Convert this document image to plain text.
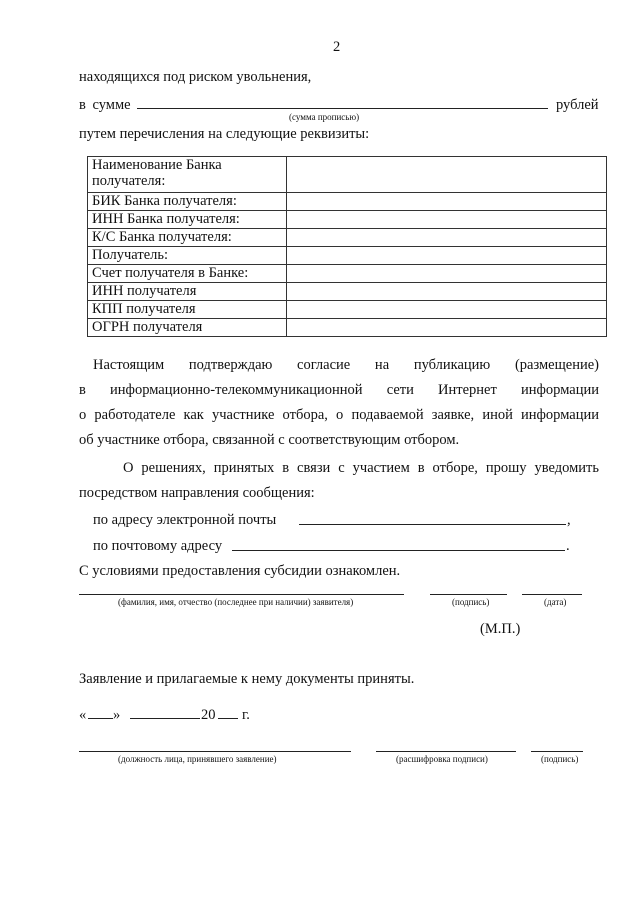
2
находящихся под риском увольнения,
в сумме	рублей
(сумма прописью)
путем перечисления на следующие реквизиты:
Наименование Банка получателя:	
БИК Банка получателя:	
ИНН Банка получателя:	
К/С Банка получателя:	
Получатель:	
Счет получателя в Банке:	
ИНН получателя	
КПП получателя	
ОГРН получателя	
Настоящим подтверждаю согласие на публикацию (размещение)
в информационно-телекоммуникационной сети Интернет информации
о работодателе как участнике отбора, о подаваемой заявке, иной информации
об участнике отбора, связанной с соответствующим отбором.
О решениях, принятых в связи с участием в отборе, прошу уведомить
посредством направления сообщения:
по адресу электронной почты	,
по почтовому адресу	.
С условиями предоставления субсидии ознакомлен.
(фамилия, имя, отчество (последнее при наличии) заявителя)	(подпись)	(дата)
(М.П.)
Заявление и прилагаемые к нему документы приняты.
« »	20 г.
(должность лица, принявшего заявление)	(расшифровка подписи)	(подпись)
